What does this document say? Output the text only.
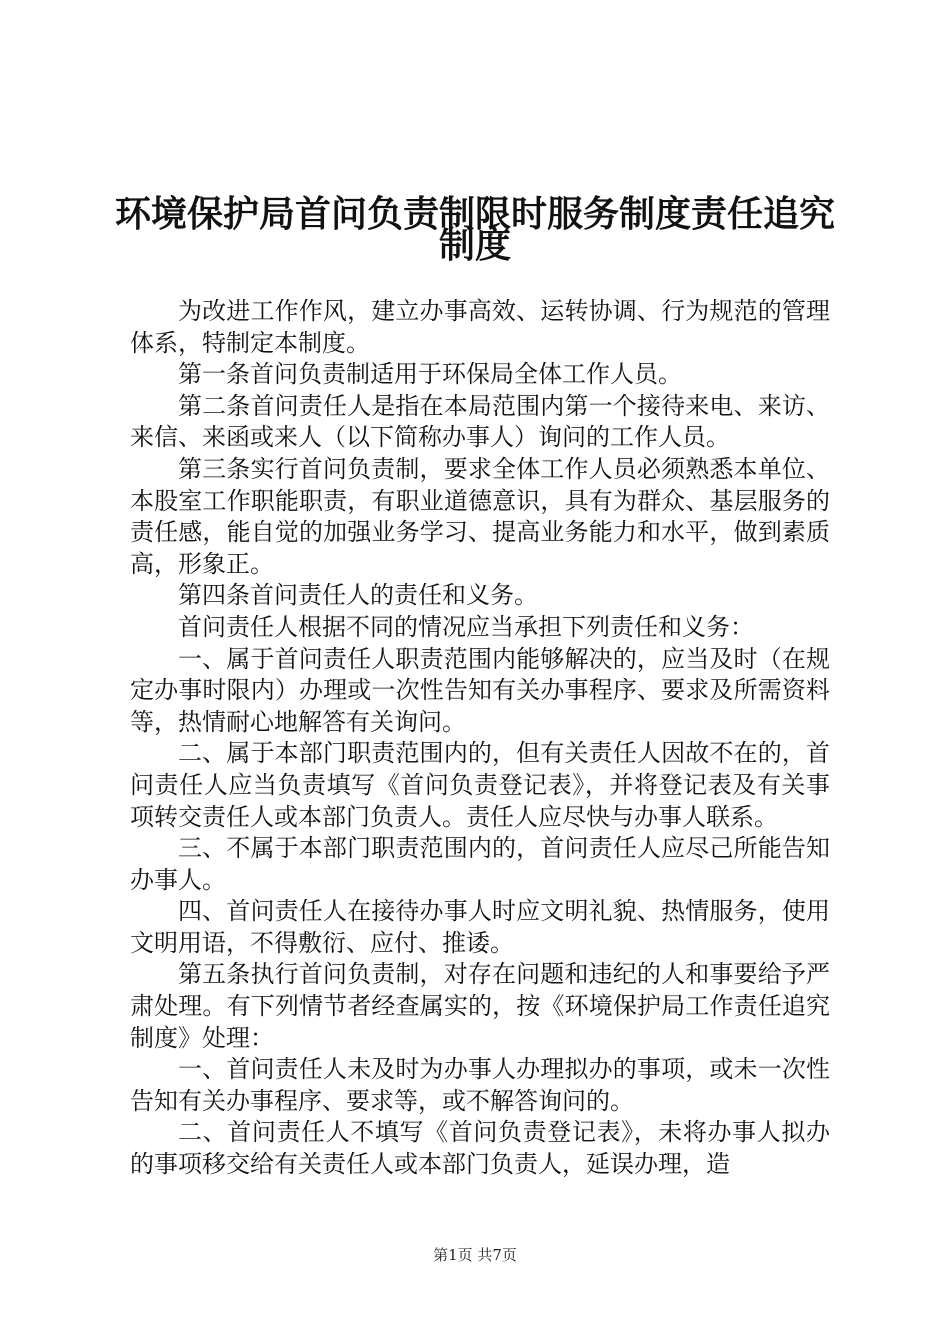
环境保护局首问负责制限时服务制度责任追究
制度

为改进工作作风，建立办事高效、运转协调、行为规范的管理体系，特制定本制度。

第一条首问负责制适用于环保局全体工作人员。

第二条首问责任人是指在本局范围内第一个接待来电、来访、来信、来函或来人（以下简称办事人）询问的工作人员。

第三条实行首问负责制，要求全体工作人员必须熟悉本单位、本股室工作职能职责，有职业道德意识，具有为群众、基层服务的责任感，能自觉的加强业务学习、提高业务能力和水平，做到素质高，形象正。

第四条首问责任人的责任和义务。

首问责任人根据不同的情况应当承担下列责任和义务：

一、属于首问责任人职责范围内能够解决的，应当及时（在规定办事时限内）办理或一次性告知有关办事程序、要求及所需资料等，热情耐心地解答有关询问。

二、属于本部门职责范围内的，但有关责任人因故不在的，首问责任人应当负责填写《首问负责登记表》，并将登记表及有关事项转交责任人或本部门负责人。责任人应尽快与办事人联系。

三、不属于本部门职责范围内的，首问责任人应尽己所能告知办事人。

四、首问责任人在接待办事人时应文明礼貌、热情服务，使用文明用语，不得敷衍、应付、推诿。

第五条执行首问负责制，对存在问题和违纪的人和事要给予严肃处理。有下列情节者经查属实的，按《环境保护局工作责任追究制度》处理：

一、首问责任人未及时为办事人办理拟办的事项，或未一次性告知有关办事程序、要求等，或不解答询问的。

二、首问责任人不填写《首问负责登记表》，未将办事人拟办的事项移交给有关责任人或本部门负责人，延误办理，造

第1页 共7页
